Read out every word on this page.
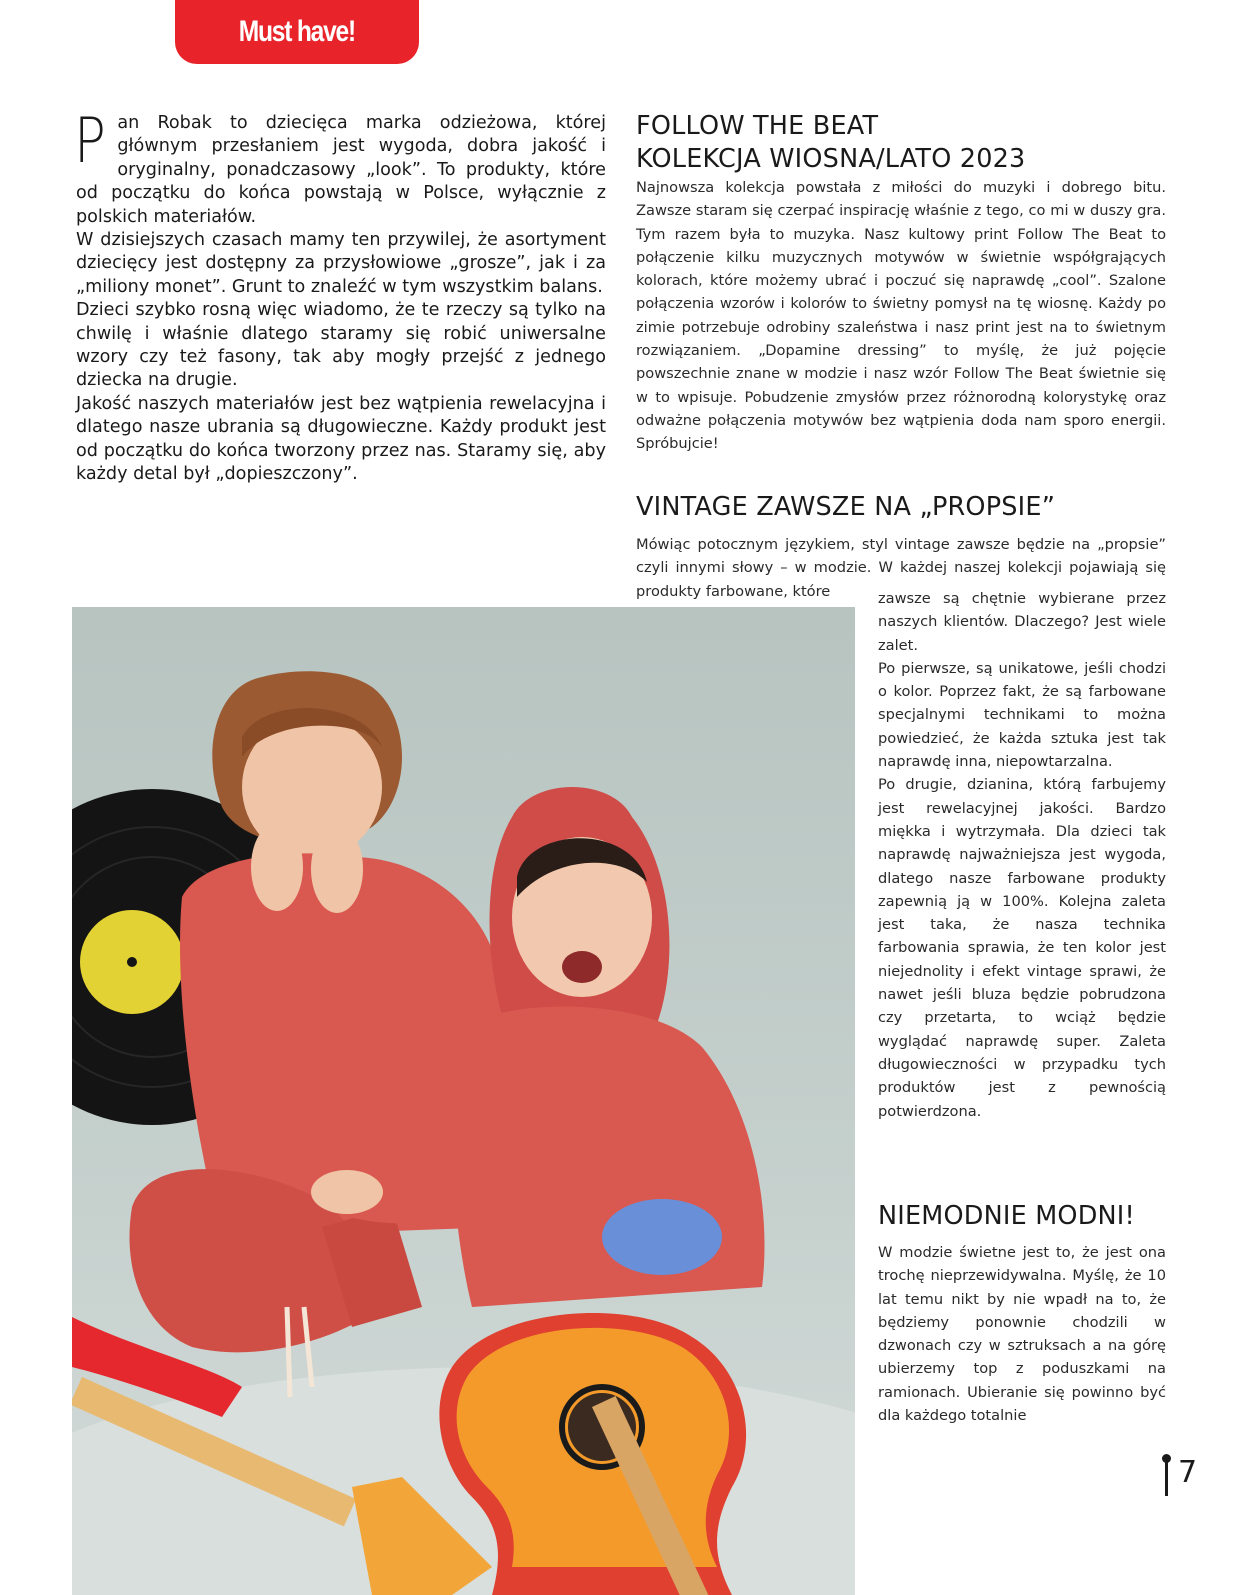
Must have!

Pan Robak to dziecięca marka odzieżowa, której głównym przesłaniem jest wygoda, dobra jakość i oryginalny, ponadczasowy „look”. To produkty, które od początku do końca powstają w Polsce, wyłącznie z polskich materiałów.

W dzisiejszych czasach mamy ten przywilej, że asortyment dziecięcy jest dostępny za przysłowiowe „grosze”, jak i za „miliony monet”. Grunt to znaleźć w tym wszystkim balans.

Dzieci szybko rosną więc wiadomo, że te rzeczy są tylko na chwilę i właśnie dlatego staramy się robić uniwersalne wzory czy też fasony, tak aby mogły przejść z jednego dziecka na drugie.

Jakość naszych materiałów jest bez wątpienia rewelacyjna i dlatego nasze ubrania są długowieczne. Każdy produkt jest od początku do końca tworzony przez nas. Staramy się, aby każdy detal był „dopieszczony”.

FOLLOW THE BEAT
KOLEKCJA WIOSNA/LATO 2023

Najnowsza kolekcja powstała z miłości do muzyki i dobrego bitu. Zawsze staram się czerpać inspirację właśnie z tego, co mi w duszy gra. Tym razem była to muzyka. Nasz kultowy print Follow The Beat to połączenie kilku muzycznych motywów w świetnie współgrających kolorach, które możemy ubrać i poczuć się naprawdę „cool”. Szalone połączenia wzorów i kolorów to świetny pomysł na tę wiosnę. Każdy po zimie potrzebuje odrobiny szaleństwa i nasz print jest na to świetnym rozwiązaniem. „Dopamine dressing” to myślę, że już pojęcie powszechnie znane w modzie i nasz wzór Follow The Beat świetnie się w to wpisuje. Pobudzenie zmysłów przez różnorodną kolorystykę oraz odważne połączenia motywów bez wątpienia doda nam sporo energii. Spróbujcie!

VINTAGE ZAWSZE NA „PROPSIE”

Mówiąc potocznym językiem, styl vintage zawsze będzie na „propsie” czyli innymi słowy – w modzie. W każdej naszej kolekcji pojawiają się produkty farbowane, które	zawsze są chętnie wybierane przez naszych klientów. Dlaczego? Jest wiele zalet.

Po pierwsze, są unikatowe, jeśli chodzi o kolor. Poprzez fakt, że są farbowane specjalnymi technikami to można powiedzieć, że każda sztuka jest tak naprawdę inna, niepowtarzalna.

Po drugie, dzianina, którą farbujemy jest rewelacyjnej jakości. Bardzo miękka i wytrzymała. Dla dzieci tak naprawdę najważniejsza jest wygoda, dlatego nasze farbowane produkty zapewnią ją w 100%. Kolejna zaleta jest taka, że nasza technika farbowania sprawia, że ten kolor jest niejednolity i efekt vintage sprawi, że nawet jeśli bluza będzie pobrudzona czy przetarta, to wciąż będzie wyglądać naprawdę super. Zaleta długowieczności w przypadku tych produktów jest z pewnością potwierdzona.

NIEMODNIE MODNI!

W modzie świetne jest to, że jest ona trochę nieprzewidywalna. Myślę, że 10 lat temu nikt by nie wpadł na to, że będziemy ponownie chodzili w dzwonach czy w sztruksach a na górę ubierzemy top z poduszkami na ramionach. Ubieranie się powinno być dla każdego totalnie

7
